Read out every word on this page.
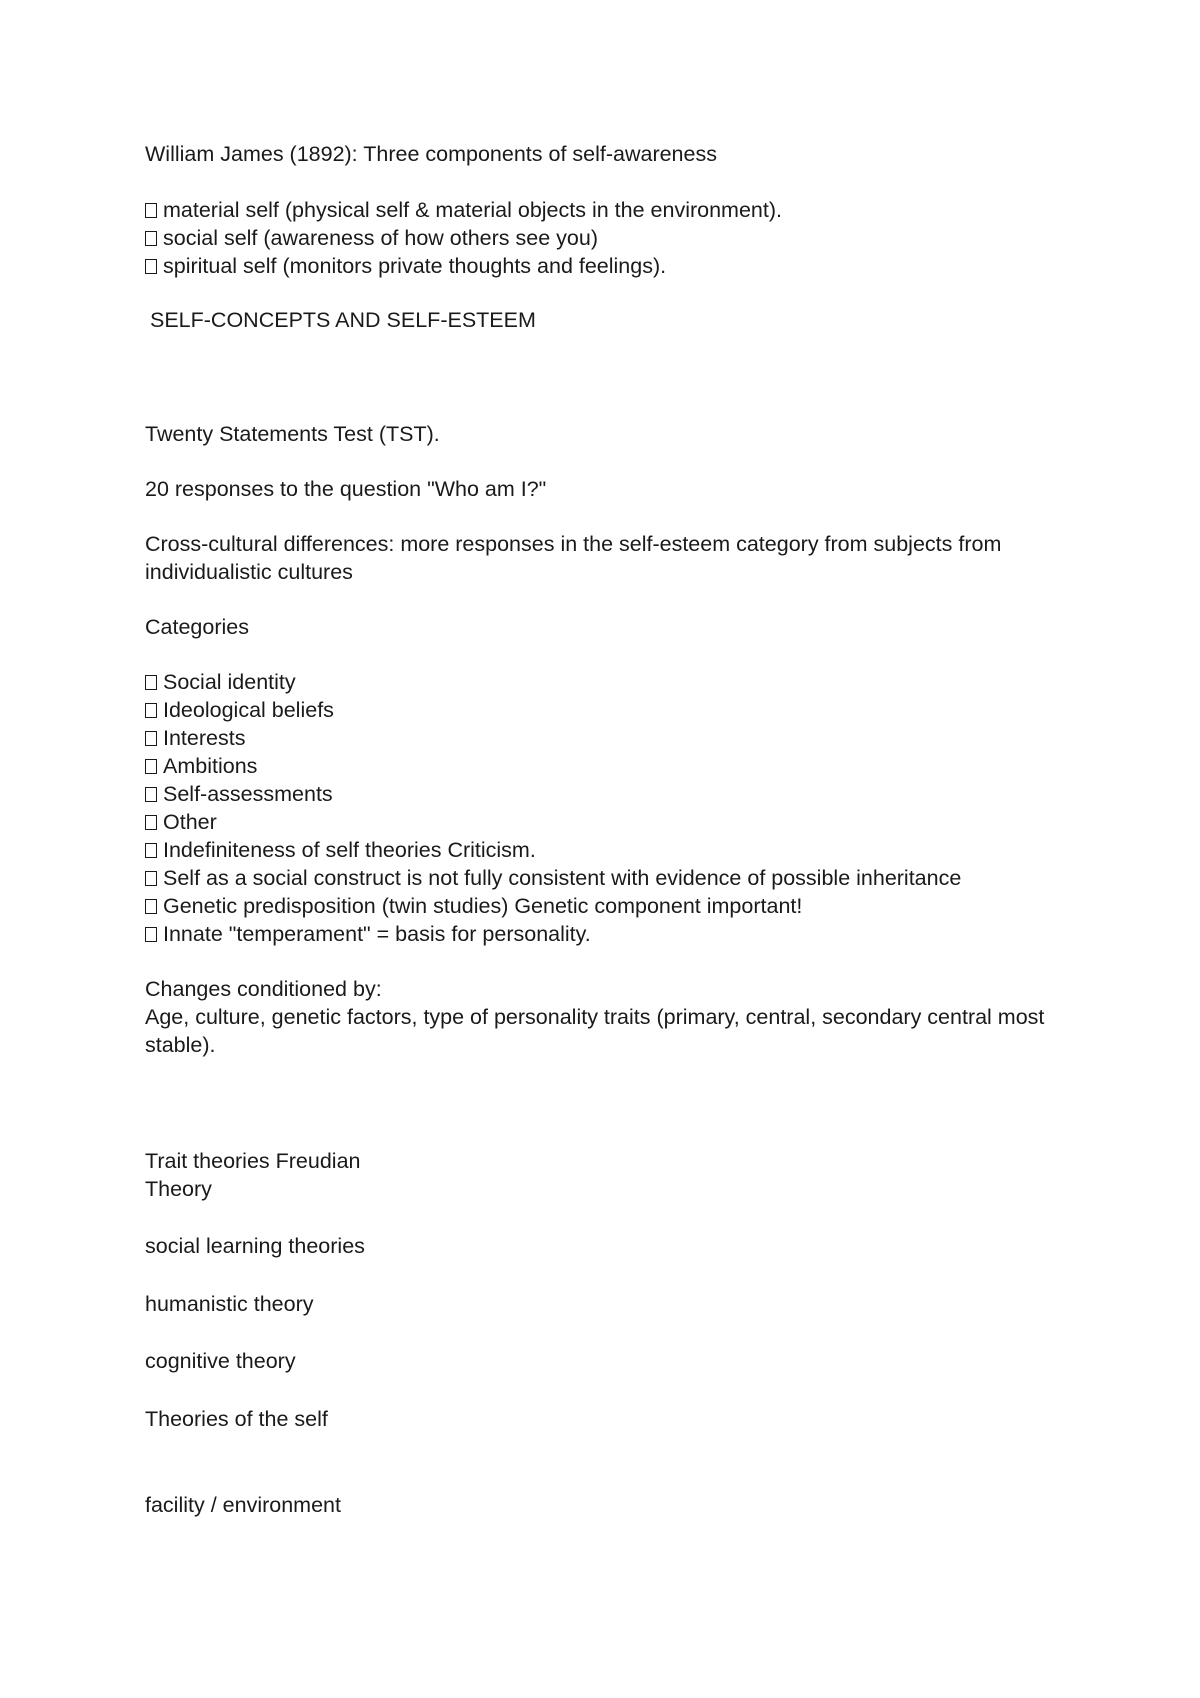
William James (1892): Three components of self-awareness
material self (physical self & material objects in the environment).
social self (awareness of how others see you)
spiritual self (monitors private thoughts and feelings).
SELF-CONCEPTS AND SELF-ESTEEM
Twenty Statements Test (TST).
20 responses to the question "Who am I?"
Cross-cultural differences: more responses in the self-esteem category from subjects from individualistic cultures
Categories
Social identity
Ideological beliefs
Interests
Ambitions
Self-assessments
Other
Indefiniteness of self theories Criticism.
Self as a social construct is not fully consistent with evidence of possible inheritance
Genetic predisposition (twin studies) Genetic component important!
Innate "temperament" = basis for personality.
Changes conditioned by:
Age, culture, genetic factors, type of personality traits (primary, central, secondary central most stable).
Trait theories Freudian
Theory
social learning theories
humanistic theory
cognitive theory
Theories of the self
facility / environment
